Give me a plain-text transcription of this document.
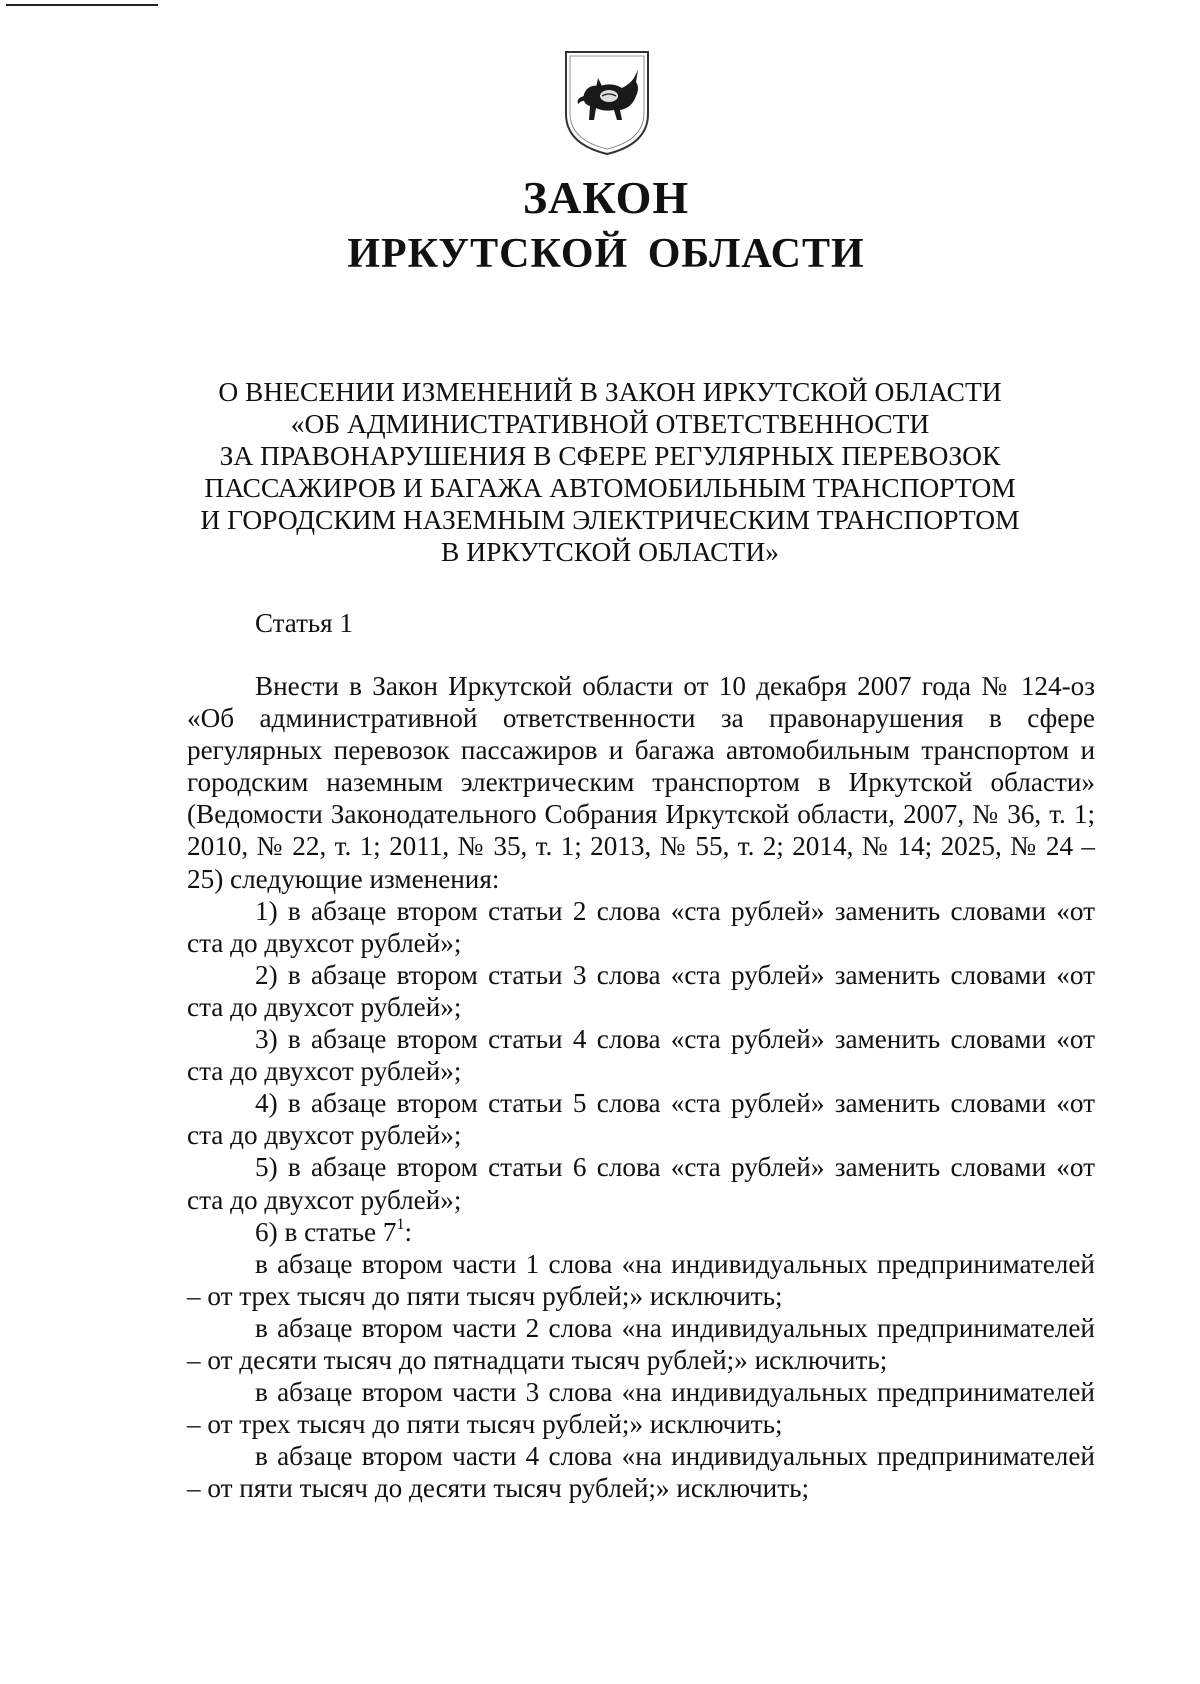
ЗАКОН
ИРКУТСКОЙ ОБЛАСТИ
О ВНЕСЕНИИ ИЗМЕНЕНИЙ В ЗАКОН ИРКУТСКОЙ ОБЛАСТИ
«ОБ АДМИНИСТРАТИВНОЙ ОТВЕТСТВЕННОСТИ
ЗА ПРАВОНАРУШЕНИЯ В СФЕРЕ РЕГУЛЯРНЫХ ПЕРЕВОЗОК
ПАССАЖИРОВ И БАГАЖА АВТОМОБИЛЬНЫМ ТРАНСПОРТОМ
И ГОРОДСКИМ НАЗЕМНЫМ ЭЛЕКТРИЧЕСКИМ ТРАНСПОРТОМ
В ИРКУТСКОЙ ОБЛАСТИ»
Статья 1

Внести в Закон Иркутской области от 10 декабря 2007 года № 124-оз «Об административной ответственности за правонарушения в сфере регулярных перевозок пассажиров и багажа автомобильным транспортом и городским наземным электрическим транспортом в Иркутской области» (Ведомости Законодательного Собрания Иркутской области, 2007, № 36, т. 1; 2010, № 22, т. 1; 2011, № 35, т. 1; 2013, № 55, т. 2; 2014, № 14; 2025, № 24 – 25) следующие изменения:

1) в абзаце втором статьи 2 слова «ста рублей» заменить словами «от ста до двухсот рублей»;

2) в абзаце втором статьи 3 слова «ста рублей» заменить словами «от ста до двухсот рублей»;

3) в абзаце втором статьи 4 слова «ста рублей» заменить словами «от ста до двухсот рублей»;

4) в абзаце втором статьи 5 слова «ста рублей» заменить словами «от ста до двухсот рублей»;

5) в абзаце втором статьи 6 слова «ста рублей» заменить словами «от ста до двухсот рублей»;

6) в статье $7^1$:

в абзаце втором части 1 слова «на индивидуальных предпринимателей – от трех тысяч до пяти тысяч рублей;» исключить;

в абзаце втором части 2 слова «на индивидуальных предпринимателей – от десяти тысяч до пятнадцати тысяч рублей;» исключить;

в абзаце втором части 3 слова «на индивидуальных предпринимателей – от трех тысяч до пяти тысяч рублей;» исключить;

в абзаце втором части 4 слова «на индивидуальных предпринимателей – от пяти тысяч до десяти тысяч рублей;» исключить;
